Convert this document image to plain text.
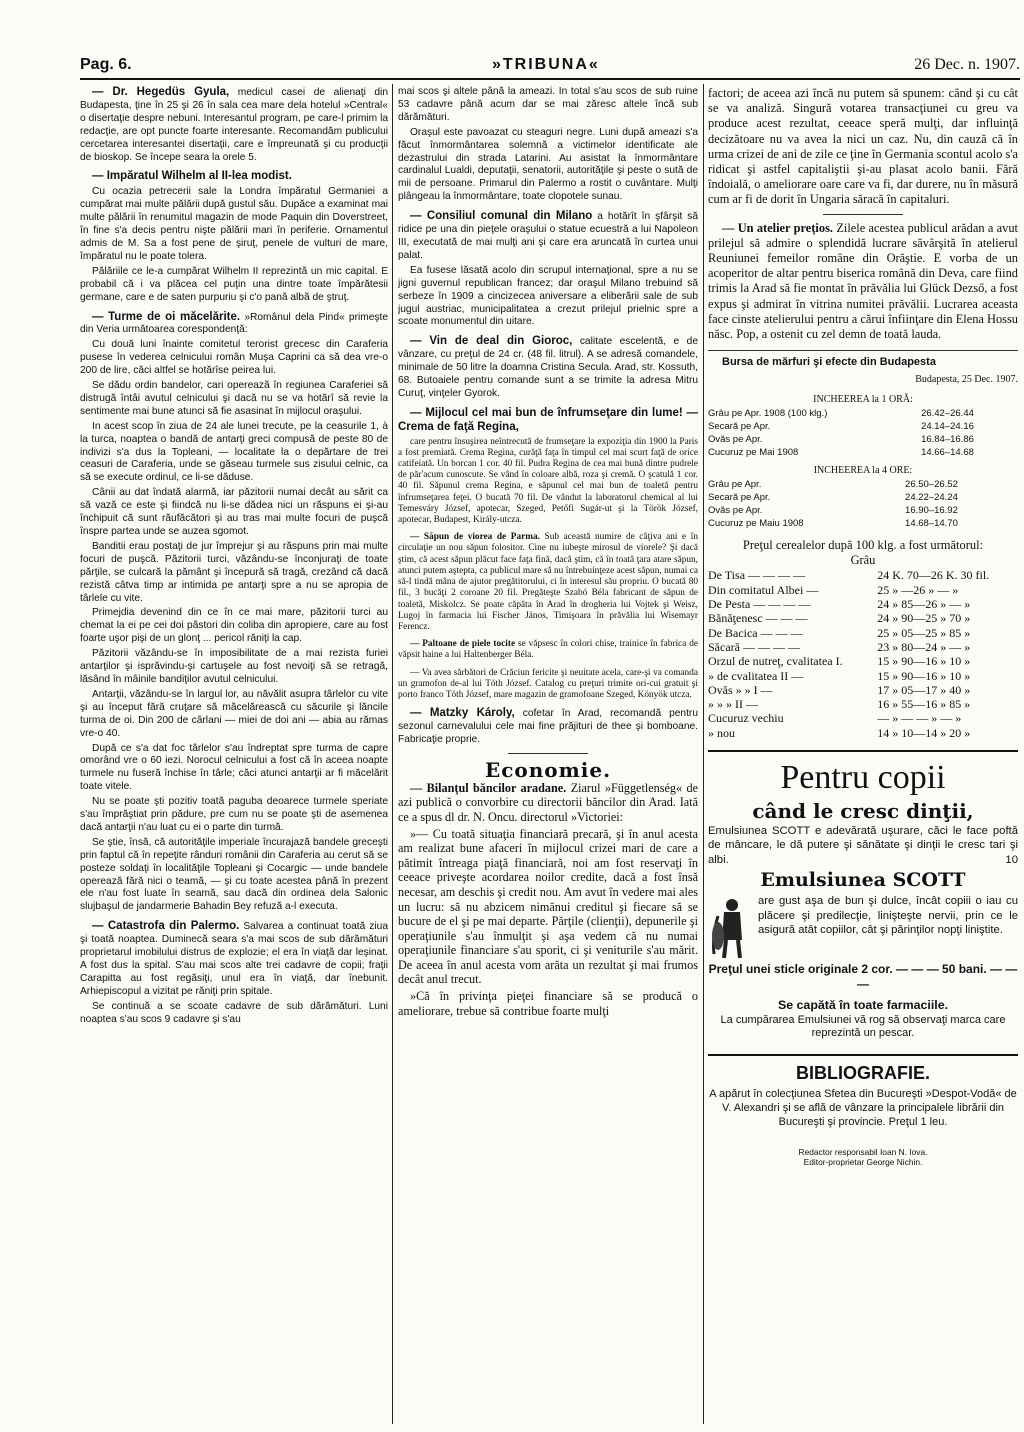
Pag. 6.	»TRIBUNA«	26 Dec. n. 1907.

— Dr. Hegedüs Gyula, medicul casei de alienaţi din Budapesta, ţine în 25 şi 26 în sala cea mare dela hotelul »Central« o disertaţie despre nebuni. Interesantul program, pe care-l primim la redacţie, are opt puncte foarte interesante. Recomandăm publicului cercetarea interesantei disertaţii, care e împreunată şi cu producţii de bioskop. Se începe seara la orele 5.

— Impăratul Wilhelm al II-lea modist.

Cu ocazia petrecerii sale la Londra împăratul Germaniei a cumpărat mai multe pălării după gustul său. Dupăce a examinat mai multe pălării în renumitul magazin de mode Paquin din Doverstreet, în fine s'a decis pentru nişte pălării mari în periferie. Ornamentul admis de M. Sa a fost pene de şiruţ, penele de vulturi de mare, împăratul nu le poate tolera.

Pălăriile ce le-a cumpărat Wilhelm II reprezintă un mic capital. E probabil că i va plăcea cel puţin una dintre toate împărătesii germane, care e de saten purpuriu şi c'o pană albă de ştruţ.

— Turme de oi măcelărite. »Românul dela Pind« primeşte din Veria următoarea corespondenţă:

Cu două luni înainte comitetul terorist grecesc din Caraferia pusese în vederea celnicului român Muşa Caprini ca să dea vre-o 200 de lire, căci altfel se hotărîse peirea lui.

Se dădu ordin bandelor, cari operează în regiunea Caraferiei să distrugă întâi avutul celnicului şi dacă nu se va hotărî să revie la sentimente mai bune atunci să fie asasinat în mijlocul oraşului.

In acest scop în ziua de 24 ale lunei trecute, pe la ceasurile 1, à la turca, noaptea o bandă de antarţi greci compusă de peste 80 de indivizi s'a dus la Topleani, — localitate la o depărtare de trei ceasuri de Caraferia, unde se găseau turmele sus zisului celnic, ca să se execute ordinul, ce li-se dăduse.

Cânii au dat îndată alarmă, iar păzitorii numai decât au sărit ca să vază ce este şi fiindcă nu li-se dădea nici un răspuns ei şi-au închipuit că sunt răufăcători şi au tras mai multe focuri de puşcă înspre partea unde se auzea sgomot.

Banditii erau postaţi de jur împrejur şi au răspuns prin mai multe focuri de puşcă. Păzitorii turci, văzându-se înconjuraţi de toate părţile, se culcară la pământ şi începură să tragă, crezând că dacă rezistă câtva timp ar intimida pe antarţi spre a nu se apropia de târlele cu vite.

Primejdia devenind din ce în ce mai mare, păzitorii turci au chemat la ei pe cei doi păstori din coliba din apropiere, care au fost foarte uşor pişi de un glonţ ... pericol răniţi la cap.

Păzitorii văzându-se în imposibilitate de a mai rezista furiei antarţilor şi isprăvindu-şi cartuşele au fost nevoiţi să se retragă, lăsând în mâinile bandiţilor avutul celnicului.

Antarţii, văzându-se în largul lor, au năvălit asupra târlelor cu vite şi au început fără cruţare să măcelărească cu săcurile şi lăncile turma de oi. Din 200 de cârlani — miei de doi ani — abia au rămas vre-o 40.

După ce s'a dat foc târlelor s'au îndreptat spre turma de capre omorând vre o 60 iezi. Norocul celnicului a fost că în aceea noapte turmele nu fuseră închise în târle; căci atunci antarţii ar fi măcelărit toate vitele.

Nu se poate şti pozitiv toată paguba deoarece turmele speriate s'au împrăştiat prin pădure, pre cum nu se poate şti de asemenea dacă antarţii n'au luat cu ei o parte din turmă.

Se ştie, însă, că autorităţile imperiale încurajază bandele greceşti prin faptul că în repeţite rânduri românii din Caraferia au cerut să se posteze soldaţi în localităţile Topleani şi Cocargic — unde bandele operează fără nici o teamă, — şi cu toate acestea până în prezent ele n'au fost luate în seamă, sau dacă din ordinea dela Salonic slujbaşul de jandarmerie Bahadin Bey refuză a-l executa.

— Catastrofa din Palermo. Salvarea a continuat toată ziua şi toată noaptea. Duminecă seara s'a mai scos de sub dărămături proprietarul imobilului distrus de explozie; el era în viaţă dar leşinat. A fost dus la spital. S'au mai scos alte trei cadavre de copii; fraţii Carapitta au fost regăsiţi, unul era în viaţă, dar înebunit. Arhiepiscopul a vizitat pe răniţi prin spitale.

Se continuă a se scoate cadavre de sub dărămături. Luni noaptea s'au scos 9 cadavre şi s'au

mai scos şi altele până la ameazi. In total s'au scos de sub ruine 53 cadavre până acum dar se mai zăresc altele încă sub dărămături.

Oraşul este pavoazat cu steaguri negre. Luni după ameazi s'a făcut înmormântarea solemnă a victimelor identificate ale dezastrului din strada Latarini. Au asistat la înmormântare cardinalul Lualdi, deputaţii, senatorii, autorităţile şi peste o sută de mii de persoane. Primarul din Palermo a rostit o cuvântare. Mulţi plângeau la înmormântare, toate clopotele sunau.

— Consiliul comunal din Milano a hotărît în şfârşit să ridice pe una din pieţele oraşului o statue ecuestră a lui Napoleon III, executată de mai mulţi ani şi care era aruncată în curtea unui palat.

Ea fusese lăsată acolo din scrupul internaţional, spre a nu se jigni guvernul republican francez; dar oraşul Milano trebuind să serbeze în 1909 a cincizecea aniversare a eliberării sale de sub jugul austriac, municipalitatea a crezut prilejul prielnic spre a scoate monumentul din uitare.

— Vin de deal din Gioroc, calitate escelentă, e de vânzare, cu preţul de 24 cr. (48 fil. litrul). A se adresă comandele, minimale de 50 litre la doamna Cristina Secula. Arad, str. Kossuth, 68. Butoaiele pentru comande sunt a se trimite la adresa Mitru Curuţ, vinţeler Gyorok.

— Mijlocul cel mai bun de înfrumseţare din lume! — Crema de faţă Regina,

care pentru însuşirea neîntrecută de frumseţare la expoziţia din 1900 la Paris a fost premiată. Crema Regina, curăţă faţa în timpul cel mai scurt faţă de orice catifeiată. Un borcan 1 cor. 40 fil. Pudra Regina de cea mai bună dintre pudrele de păr'acum cunoscute. Se vând în coloare albă, roza şi cremă. O şcatulă 1 cor. 40 fil. Săpunul crema Regina, e săpunul cel mai bun de toaletă pentru înfrumseţarea feţei. O bucată 70 fil. De vândut la laboratorul chemical al lui Temesváry József, apotecar, Szeged, Petőfi Sugár-ut şi la Török József, apotecar, Budapest, Király-utcza.

— Săpun de viorea de Parma. Sub această numire de câţiva ani e în circulaţie un nou săpun folositor. Cine nu iubeşte mirosul de viorele? Şi dacă ştim, că acest săpun plăcut face faţa fină, dacă ştim, că în toată ţara atare săpun, atunci putem aştepta, ca publicul mare să nu întrebuinţeze acest săpun, numai ca să-l tindă mâna de ajutor pregătitorului, ci în interesul său propriu. O bucată 80 fil., 3 bucăţi 2 coroane 20 fil. Pregăteşte Szabó Béla fabricant de săpun de toaletă, Miskolcz. Se poate căpăta în Arad în drogheria lui Vojtek şi Weisz, Lugoj în farmacia lui Fischer János, Timişoara în prăvălia lui Wisemayr Ferencz.

— Paltoane de piele tocite se văpsesc în colori chise, trainice în fabrica de văpsit haine a lui Haltenberger Béla.

— Va avea sărbători de Crăciun fericite şi neuitate acela, care-şi va comanda un gramofon de-al lui Tóth József. Catalog cu preţuri trimite ori-cui gratuit şi porto franco Tóth József, mare magazin de gramofoane Szeged, Könyök utcza.

— Matzky Károly, cofetar în Arad, recomandă pentru sezonul carnevalului cele mai fine prăjituri de thee şi bomboane. Fabricaţie proprie.

Economie.

— Bilanţul băncilor aradane. Ziarul »Függetlenség« de azi publică o convorbire cu directorii băncilor din Arad. Iată ce a spus dl dr. N. Oncu. directorul »Victoriei:

»— Cu toată situaţia financiară precară, şi în anul acesta am realizat bune afaceri în mijlocul crizei mari de care a pătimit întreaga piaţă financiară, noi am fost reservaţi în ceeace priveşte acordarea noilor credite, dacă a fost însă necesar, am deschis şi credit nou. Am avut în vedere mai ales un lucru: să nu abzicem nimănui creditul şi fiecare să se bucure de el şi pe mai departe. Părţile (clienţii), depunerile şi operaţiunile s'au înmulţit şi aşa vedem că nu numai operaţiunile financiare s'au sporit, ci şi veniturile s'au mărit. De aceea în anul acesta vom arăta un rezultat şi mai frumos decât anul trecut.

»Că în privinţa pieţei financiare să se producă o ameliorare, trebue să contribue foarte mulţi

factori; de aceea azi încă nu putem să spunem: când şi cu cât se va analiză. Singură votarea transacţiunei cu greu va produce acest rezultat, ceeace speră mulţi, dar influinţă decizătoare nu va avea la nici un caz. Nu, din cauză că în urma crizei de ani de zile ce ţine în Germania scontul acolo s'a ridicat şi astfel capitaliştii şi-au plasat acolo banii. Fără îndoială, o ameliorare oare care va fi, dar durere, nu în măsură cum ar fi de dorit în Ungaria săracă în capitaluri.

— Un atelier preţios. Zilele acestea publicul arădan a avut prilejul să admire o splendidă lucrare săvârşită în atelierul Reuniunei femeilor române din Orăştie. E vorba de un acoperitor de altar pentru biserica română din Deva, care fiind trimis la Arad să fie montat în prăvălia lui Glück Dezső, a fost expus şi admirat în vitrina numitei prăvălii. Lucrarea aceasta face cinste atelierului pentru a cărui înfiinţare din Elena Hossu născ. Pop, a ostenit cu zel demn de toată lauda.

Bursa de mărfuri şi efecte din Budapesta

Budapesta, 25 Dec. 1907.
INCHEEREA la 1 ORĂ:
Grâu pe Apr. 1908 (100 klg.)	26.42–26.44
Secară pe Apr.	24.14–24.16
Ovăs pe Apr.	16.84–16.86
Cucuruz pe Mai 1908	14.66–14.68
INCHEEREA la 4 ORE:
Grâu pe Apr.	26.50–26.52
Secară pe Apr.	24.22–24.24
Ovăs pe Apr.	16.90–16.92
Cucuruz pe Maiu 1908	14.68–14.70
Preţul cerealelor după 100 klg. a fost următorul:
Grâu
De Tisa — — — —	24 K. 70—26 K. 30 fil.
Din comitatul Albei —	25 » —26 » — »
De Pesta — — — —	24 » 85—26 » — »
Bănăţenesc — — —	24 » 90—25 » 70 »
De Bacica — — —	25 » 05—25 » 85 »
Săcară — — — —	23 » 80—24 » — »
Orzul de nutreţ, cvalitatea I.	15 » 90—16 » 10 »
» de cvalitatea II —	15 » 90—16 » 10 »
Ovăs » » I —	17 » 05—17 » 40 »
» » » II —	16 » 55—16 » 85 »
Cucuruz vechiu	— » — — » — »
» nou	14 » 10—14 » 20 »
Pentru copii
când le cresc dinţii,
Emulsiunea SCOTT e adevărată uşurare, căci le face poftă de mâncare, le dă putere şi sănătate şi dinţii le cresc tari şi albi.	10
Emulsiunea SCOTT
are gust aşa de bun şi dulce, încât copiii o iau cu plăcere şi predilecţie, linişteşte nervii, prin ce le asigură atât copiilor, cât şi părinţilor nopţi liniştite.
Preţul unei sticle originale 2 cor. — — — 50 bani. — — —
Se capătă în toate farmaciile.
La cumpărarea Emulsiunei vă rog să observaţi marca care reprezintă un pescar.
BIBLIOGRAFIE.
A apărut în colecţiunea Sfetea din Bucureşti »Despot-Vodă« de V. Alexandri şi se află de vânzare la principalele librării din Bucureşti şi provincie. Preţul 1 leu.
Redactor responsabil Ioan N. Iova.
Editor-proprietar George Nichin.
